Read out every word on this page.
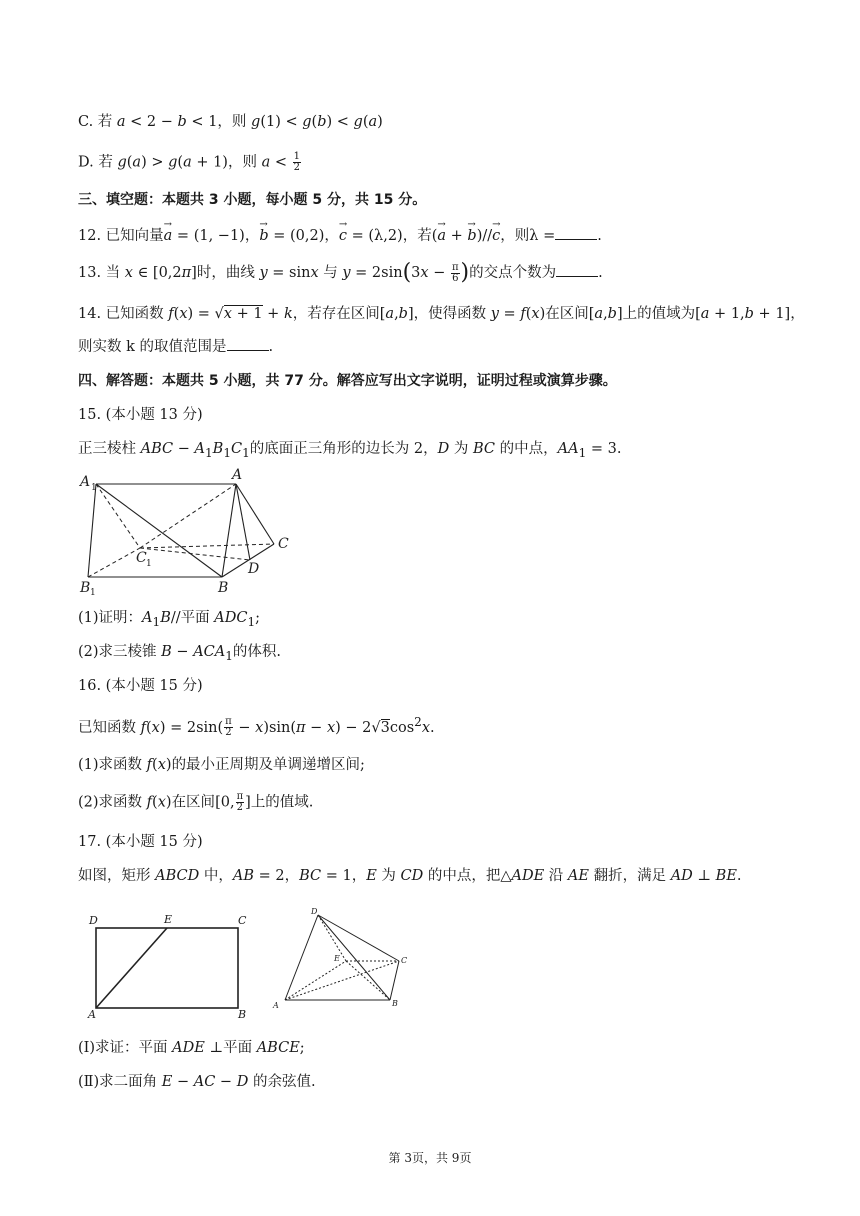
C. 若 a < 2 − b < 1，则 g(1) < g(b) < g(a)
D. 若 g(a) > g(a + 1)，则 $a < \frac{1}{2}$
三、填空题：本题共 3 小题，每小题 5 分，共 15 分。
12. 已知向量→ a = (1, −1)，→ b = (0,2)，→ c = (λ,2)，若(→ a + → b)//→ c，则λ =	.
13. 当 x ∈ [0,2π]时，曲线 y = sinx 与 $y = 2\sin(3x - \frac{\pi}{6}$ )的交点个数为	.
14. 已知函数 f(x) = √x + 1 + k，若存在区间[a,b]，使得函数 y = f(x)在区间[a,b]上的值域为[a + 1,b + 1]，
则实数 k 的取值范围是	.
四、解答题：本题共 5 小题，共 77 分。解答应写出文字说明，证明过程或演算步骤。
15. (本小题 13 分)
正三棱柱 ABC − $A_1B_1C_1$的底面正三角形的边长为 2，D 为 BC 的中点，$AA_1 = 3$.
A 1
A
C 1
C
D
B 1	B
(1)证明：$A_1B//$平面 $ADC_1$;
(2)求三棱锥 $B - ACA_1$的体积.
16. (本小题 15 分)
已知函数 $f(x) = 2\sin( \frac{\pi}{2} - x)\sin(\pi - x) - 2√3\cos^2x$.
(1)求函数 f(x)的最小正周期及单调递增区间;
(2)求函数 f(x)在区间[0, $\frac{\pi}{2}$ ]上的值域.
17. (本小题 15 分)
如图，矩形 ABCD 中，AB = 2，BC = 1，E 为 CD 的中点，把△ADE 沿 AE 翻折，满足 AD ⊥ BE.
D	E	C
A	B
D
E	C
A	B
(Ⅰ)求证：平面 ADE ⊥平面 ABCE;
(Ⅱ)求二面角 E − AC − D 的余弦值.
第 3页，共 9页
